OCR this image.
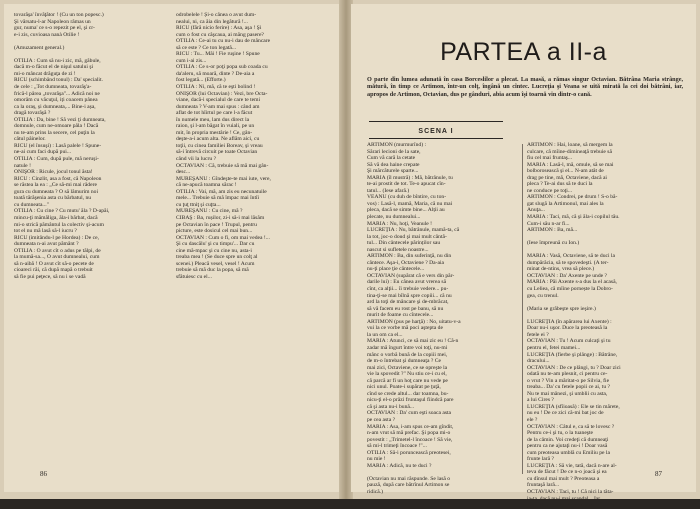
tovarăşa' învăţător ! (Cu un ton popesc.)

Şi vărsatu-l-ar Napoleon rămas un

gur, numa' ce s-o repezit pe el, şi cr-

e-i zis, cuvioasa nanà Otilie !

(Amuzament general.)

OTILIA : Cum să nu-i zic, mă, gâbule,

dacă m-o făcut el de nişul satului şi

mi-o mâncat drăguţa de zi !

RICU (schimbând tonul) : Da' specialit.

de cele : „Tot dumneata, tovarăş'a-

frică-l pârea „tovarăşa"... Adică noi ne

omorâm cu văcuţul, iți coacem pânea

ca la oraș, și dumneata,... Bine-i așa,

dragă tovarăşă ?

OTILIA : Da, bine ! Să vezi ţi dumneata,

domnule, cum ne-omoare pâla ! Dacă

nu te-am prins la secere, cel puţin la

câtul pâinelor.

RICU (el însuşi) : Lasă palele ! Spune-

ne-ai cum faci după pui...

OTILIA : Cum, după pule, mă neruşi-

natule !

ONIŞOR : Ricule, jocul tonul ăsta!

RICU : Cinzlit, asa a fost, că Napoleon

se răstea la ea : „Ce să-mi mai râdere

gura cu dumneata ? O să lămurim noi

toată tărăşenia asta cu bărbatul, nu

cu dumneata..."

OTILIA : Cu cine ? Cu mutu' ăla ? D-apăi,

mincu-ţi mămăliga, ăla-i bărbat, dacă

mi-o strică pământul la colectiv şi-acum

tot el nu mă lasă să-l iucru ?

RICU (imitându-l pe Hordea) : De ce,

dumneata n-ai avut pământ ?

OTILIA : O avut cît o adus pe tălpi, de

la mumă-sa..., O avut dumnealui, cum

să n-aibă ! O avut cît să-o pecete de

cioareci răi, că după mapă o trebuit

să fie pui peţece, să nu i se vadă

odrobelele ! Și-o cânea o avut dum-

nealui, ni, ca ăia din legătură !...

RICU (fără nicio ferire) : Asa, aşa ! Şi

cum o fost cu câşcaua, ai măng pasere?

OTILIA : Ce-ai tu cu nu-i dau de mâncare

să ce este ? Ce ton legată...

RICU : Tu... Măi ! Fie ruşine ! Spune

cum i-ai zis...

OTILIA : Ce s-or poţi popa sub coada cu

da'aleru, să moară, dinte ? De-aia a

fost legată... (Efforte.)

OTILIA : Ni, mă, că te eşti bolind !

ONIŞOR (lui Octavian) : Vezi, bre Octa-

viane, dacă-i specialul de care te temi

dumneata ? V-am mai spus : când am

aflat de tot hîirtul pe care l-a făcut

în numele meu, lam dus direct la

raion, şi l-am băgat în vuiali, pe un

mit, în propria mestârie ! Ce, gân-

deşte-a-i acum alta. Ne aflăm aici, cu

toţii, cu cinea familiei Boreav, şi vreau

să-i întrevă circuit pe toate Octavian

când vii la lucru ?

OCTAVIAN : Că, trebuie să mă mai gân-

desc...

MUREŞANU : Gîndeşte-te mai iute, vere,

că ne-apucă toamna sărac !

OTILIA : Vai, mă, am zis eu necunatuile

mele... Trebuie să mă împac mai întîi

cu ţuţ ttniţ şi cuţta...

MUREŞANU : Cu cine, mă ?

CIBAŞ : Ba, rușilor, zi-i să-i mai lăsăm

pe Octavian în pace ! Trupul, pentru

picture, este dosicul cel mai bun...

OCTAVIAN : Cum o fi, om mai vedea !...

Şi cu dascălu' şi cu timpu'... Dar cu

cine mă-mpac şi cu cine nu, asta-i

treaba mea ! (Se duce spre un colţ al

scenei.) Pleacă vesel, vesel ! Acum

trebuie să mă duc la popa, să mă

sfătuiesc cu el...

86
PARTEA a II-a

O parte din lumea adunată în casa Borceslilor a plecat. La masă, a rămas singur Octavian. Bătrâna Maria strânge, mătură, în timp ce Artimon, într-un colţ, îngână un cîntec. Lucreţia şi Veana se uită mirată la cei doi bătrâni, iar, apropos de Artimon, Octavian, dus pe gânduri, abia acum îşi toarnă vin dintr-o cană.

SCENA I

ARTIMON (murmurînd) :

Sărari lecioni de la sate,

Cum vă cară la cetate

Să vă dea haine crepate

Şi mărcăturele sparte...

MARIA (îl mustră) : Mă, bătrânule, tu

te-ai prostit de tot. Te-o apucat cîn-

tatul... (Iese afară.)

VEANU (cu duh de bîntire, cu ton-

vos) : Lasă-l, mamă, Maria, că nu mai

pleca, dacă se simte bine... Alții au

plecate, nu dumnealui...

MARIA : Nu, hoţi, Veanule !

LUCREŢIA : Nu, bătrânule, mamă-ta, că

la tot, joc-o doud şi mai mult cântă-

tul... Din cântecele părinților sau

nascut si sufletele noastre...

ARTIMON : Ba, din suferinţă, nu din

cântece. Aşa-i, Octaviene ? Da-aia

nu-ţi place ţie cântecele...

OCTAVIAN (supărat că e vers din păr-

darile lui) : Eu cânea avut vrerea să

cînt, ca alţii... îi trebuie vedere... pu-

tina-ţi-se mai bîlnă spre copiii... că nu

ard la toţi de mâncare şi de-mbrăcat,

să vă facem eu rost pe banu, să nu

murit de foame cu cîntecele...

ARTIMON (pus pe harţă) : No, uitatu-v-a

vui la ce vorbe mă poci aştepta de

la un om ca el...

MARIA : Atunci, ce să mai zic eu ! Că-n

zadar mă îngurt între voi toţi, nu-mi

mânc o vorbă bună de la copiii mei,

de m-o întrebat şi dumneaţa ? Ce

mai zici, Octaviene, ce se opreşte la

vie la spovedit ?" Nu stiu ce-i cu el,

că parcă ar fi un hoţ care nu vede pe

nici unul. Poate-i supărat pe ţuţă,

cînd se crede altul... dar toamna, bu-

nicu-ţi el-o prâzi fruntaşul fiindcă pare

că şi asta nu-i bună...

OCTAVIAN : Da' cum eşti soaca asta

pe cea asta ?

MARIA : Asa, i-am spus ce-am gîndit,

n-am vrut să mă prefac. Şi popa mi-o

povestit : „Trimetel-l încoace ! Să vie,

să mi-l trimeţi încoace !"...

OTILIA : Să-i poruncească preotesei,

nu mie !

MARIA : Adică, nu te duci ?

(Octavian nu mai răspunde. Se lasă o

pauză, după care bătrînul Artimon se

ridică.)

ARTIMON : Hai, loane, să mergem la

culcare, că mîine-dimineaţă trebuie să

fiu cel mai fruntaş...

MARIA : Lasă-l, mă, omule, să se mai

bolborosească şi el... N-am atât de

drag pe tine, mă, Octaviene, dacă ai

pleca ? Te-ai dus să te duci la

ne conduce pe toţi...

ARTIMON : Condrei, pe drum ! S-o bă-

gat slugă la Artimonul, mai ales la

Anuţa...

MARIA : Taci, mă, că şi ăla-i copilul tău.

Cum-i său n-ar fi...

ARTIMON : Ba, mă...

(Iese împreună cu Ion.)

MARIA : Vasă, Octaviene, să te duci la

dumpărăcia, să te spovedeşti. (A ter-

minat de-ntins, vrea să plece.)

OCTAVIAN : Da' Axente pe unde ?

MARIA : Păi Axente s-a dus la el acasă,

cu Leliea, că mîine pornește la Dobro-

gea, cu trenul.

(Maria se grăbeşte spre ieşire.)

LUCREŢIA (în apărarea lui Axente) :

Doar nu-i uşor. Duce la preoteasă la

fetele ei ?

OCTAVIAN : Tu ! Acum culcaţi şi tu

pentru el, fetei mamei...

LUCREŢIA (fierbe şi plânge) : Bătrâne,

dracului...

OCTAVIAN : De ce plângi, tu ? Doar zici

odată nu te-am plesnit, ci pentru ce-

o vrut ? Vin a măritat-o pe Silvia, fie

treaba... Da' cu fetele popii ce ai, tu ?

Nu te mai mânezi, şi umblii cu asta,

a lui Cires ?

LUCREŢIA (sfîioasă) : Ele se tin mărete,

nu eu ! De ce zici că-mi bat joc de

ele ?

OCTAVIAN : Câtul e, ca să te lovesc ?

Pentru ce-i şi tu, o la tuaneşte

de la câmin. Voi credeţi că dumneaţi

pentru ca ne ajutaţi nu-i ! Doar vasă

cum preoteasa umblă cu Emiliu pe la

frunte lară ?

LUCREŢIA : Să vie, tată, dacă n-are al-

teva de făcut ! De ce n-o joacă şi ea

cu dînsul mai mult ? Preoteasa a

fruntaşă lară...

OCTAVIAN : Taci, tu ! Că nici la tăta-

ia-ta, dacă nu-i mai scandal... Iar

Lucreţia să fugă de fratele tău...

87
